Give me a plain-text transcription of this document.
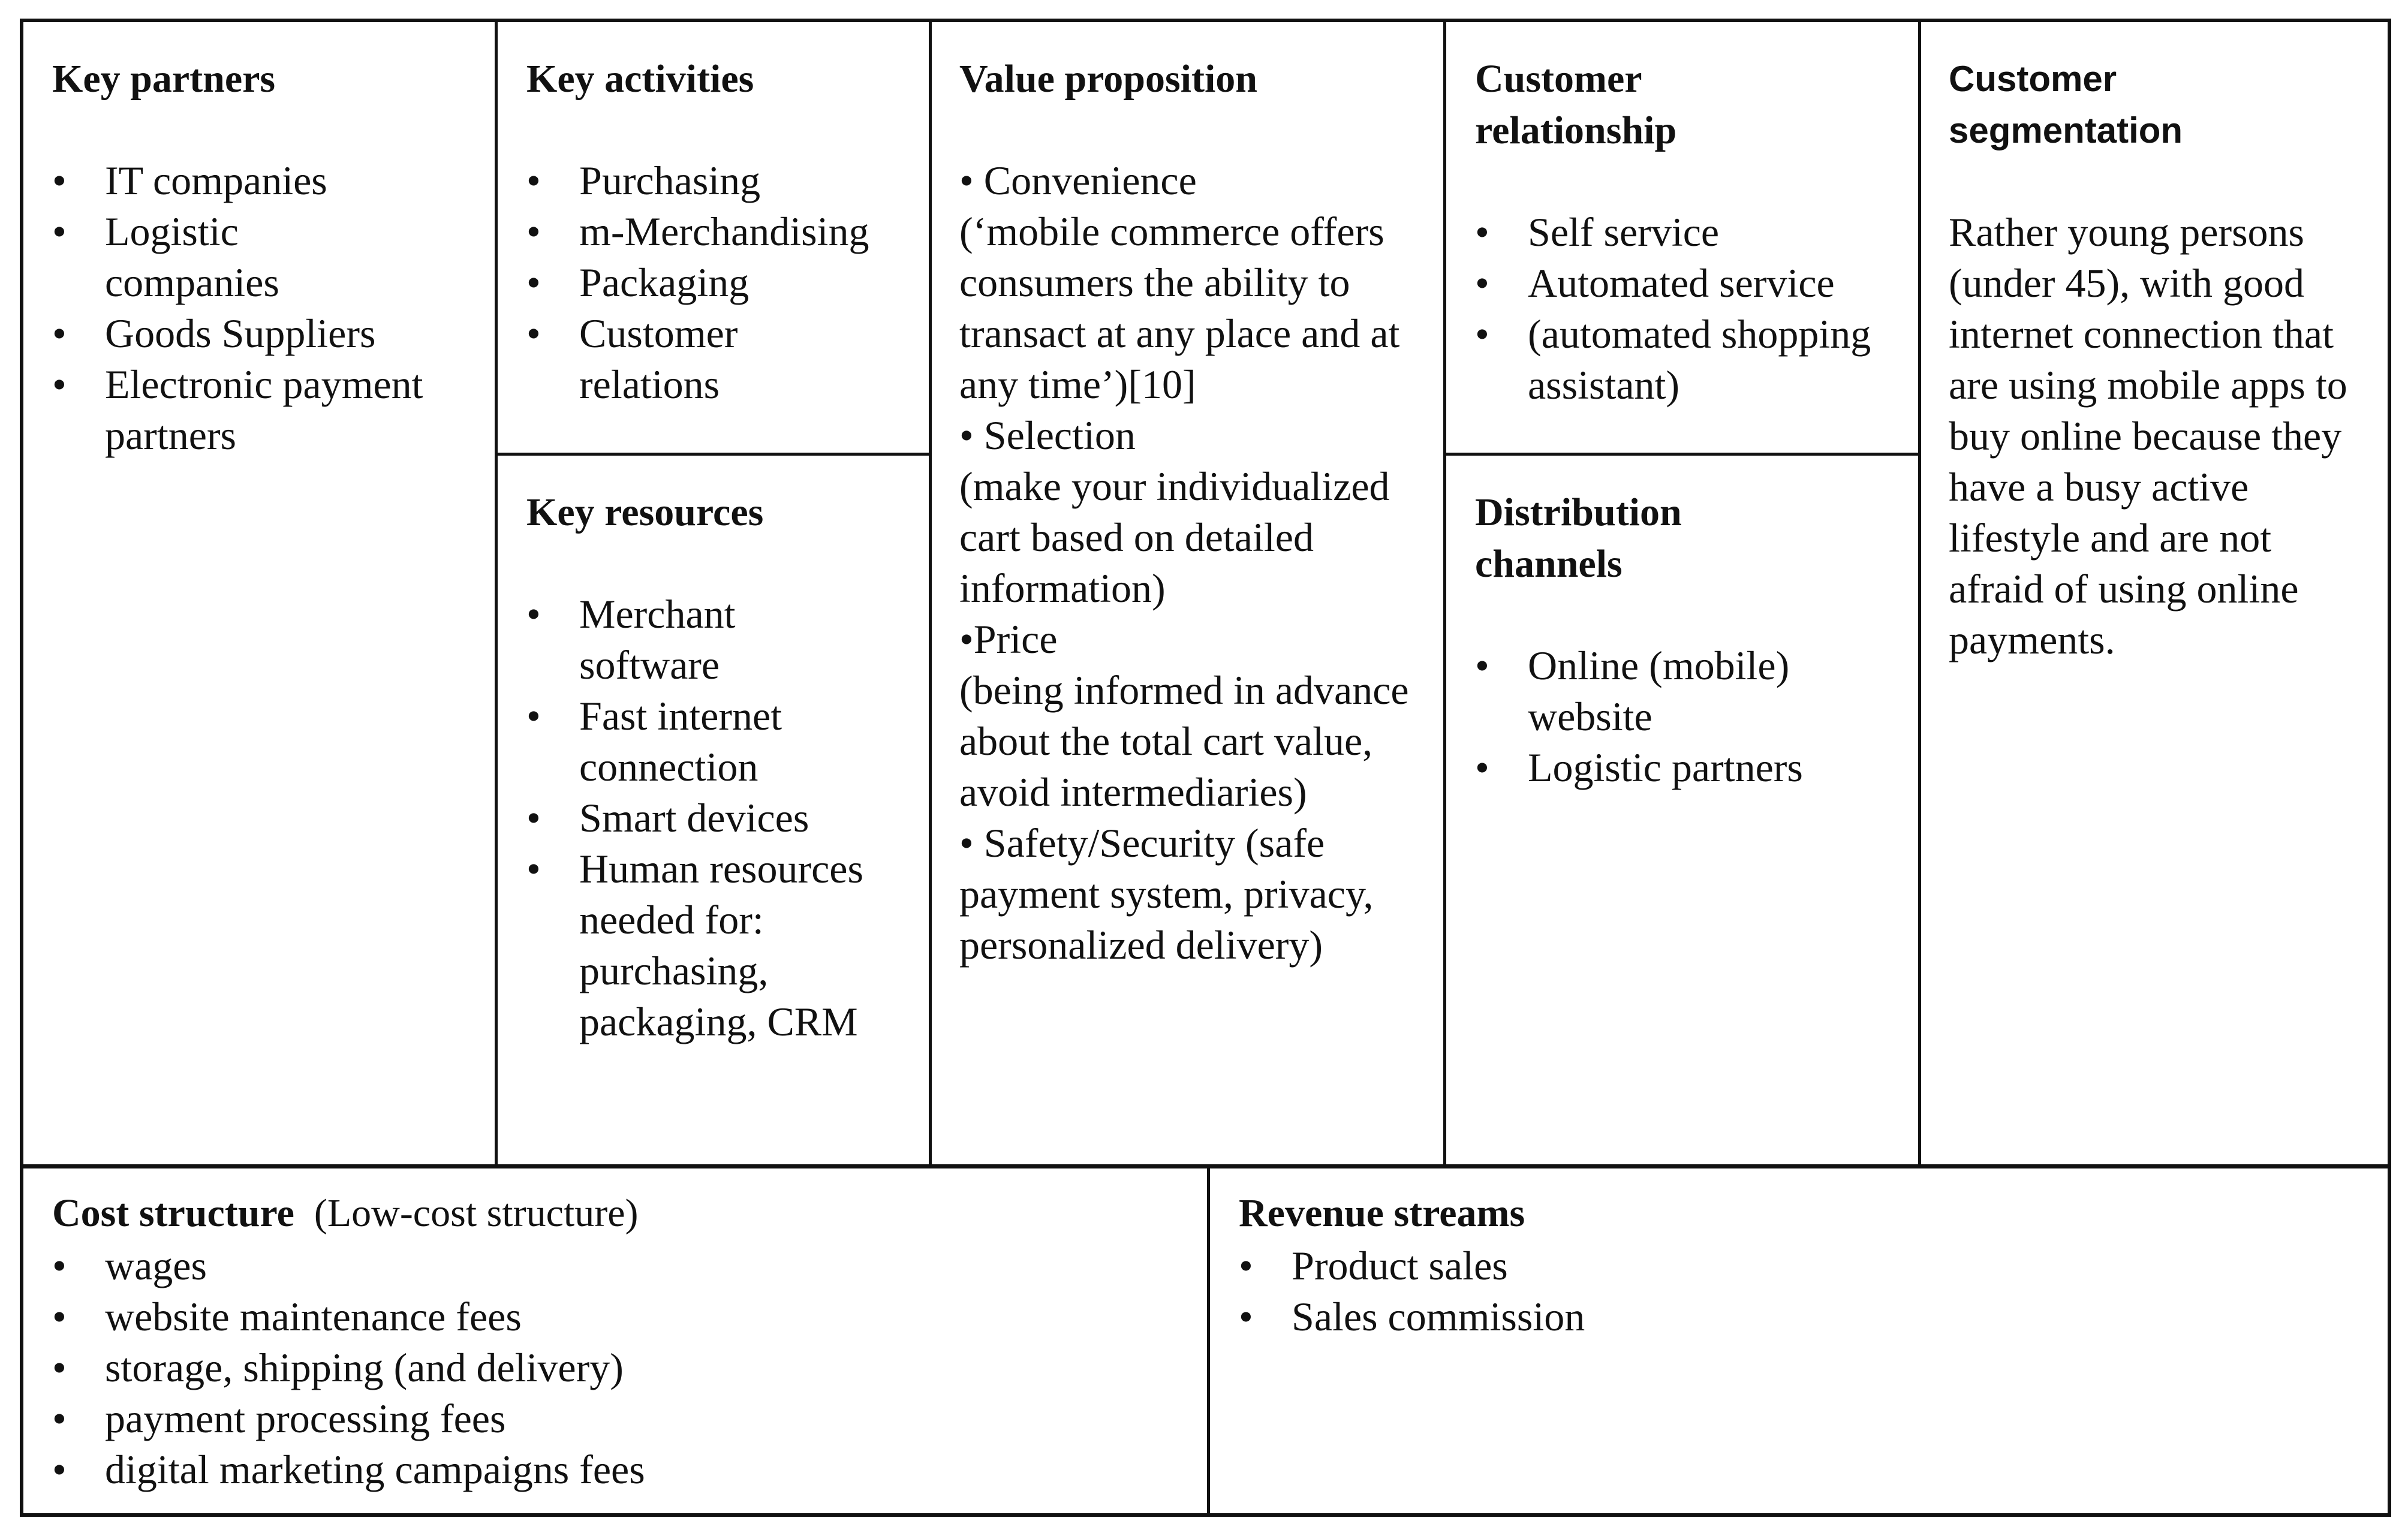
Key partners
• IT companies
• Logistic companies
• Goods Suppliers
• Electronic payment partners
Key activities
• Purchasing
• m-Merchandising
• Packaging
• Customer relations
Key resources
• Merchant software
• Fast internet connection
• Smart devices
• Human resources needed for: purchasing, packaging, CRM
Value proposition

• Convenience

(‘mobile commerce offers consumers the ability to transact at any place and at any time’)[10]

• Selection

(make your individualized cart based on detailed information)

•Price

(being informed in advance about the total cart value, avoid intermediaries)

• Safety/Security (safe payment system, privacy, personalized delivery)

Customer relationship
• Self service
• Automated service
• (automated shopping assistant)
Distribution channels
• Online (mobile) website
• Logistic partners
Customer segmentation
Rather young persons (under 45), with good internet connection that are using mobile apps to buy online because they have a busy active lifestyle and are not afraid of using online payments.
Cost structure (Low-cost structure)
• wages
• website maintenance fees
• storage, shipping (and delivery)
• payment processing fees
• digital marketing campaigns fees
Revenue streams
• Product sales
• Sales commission
